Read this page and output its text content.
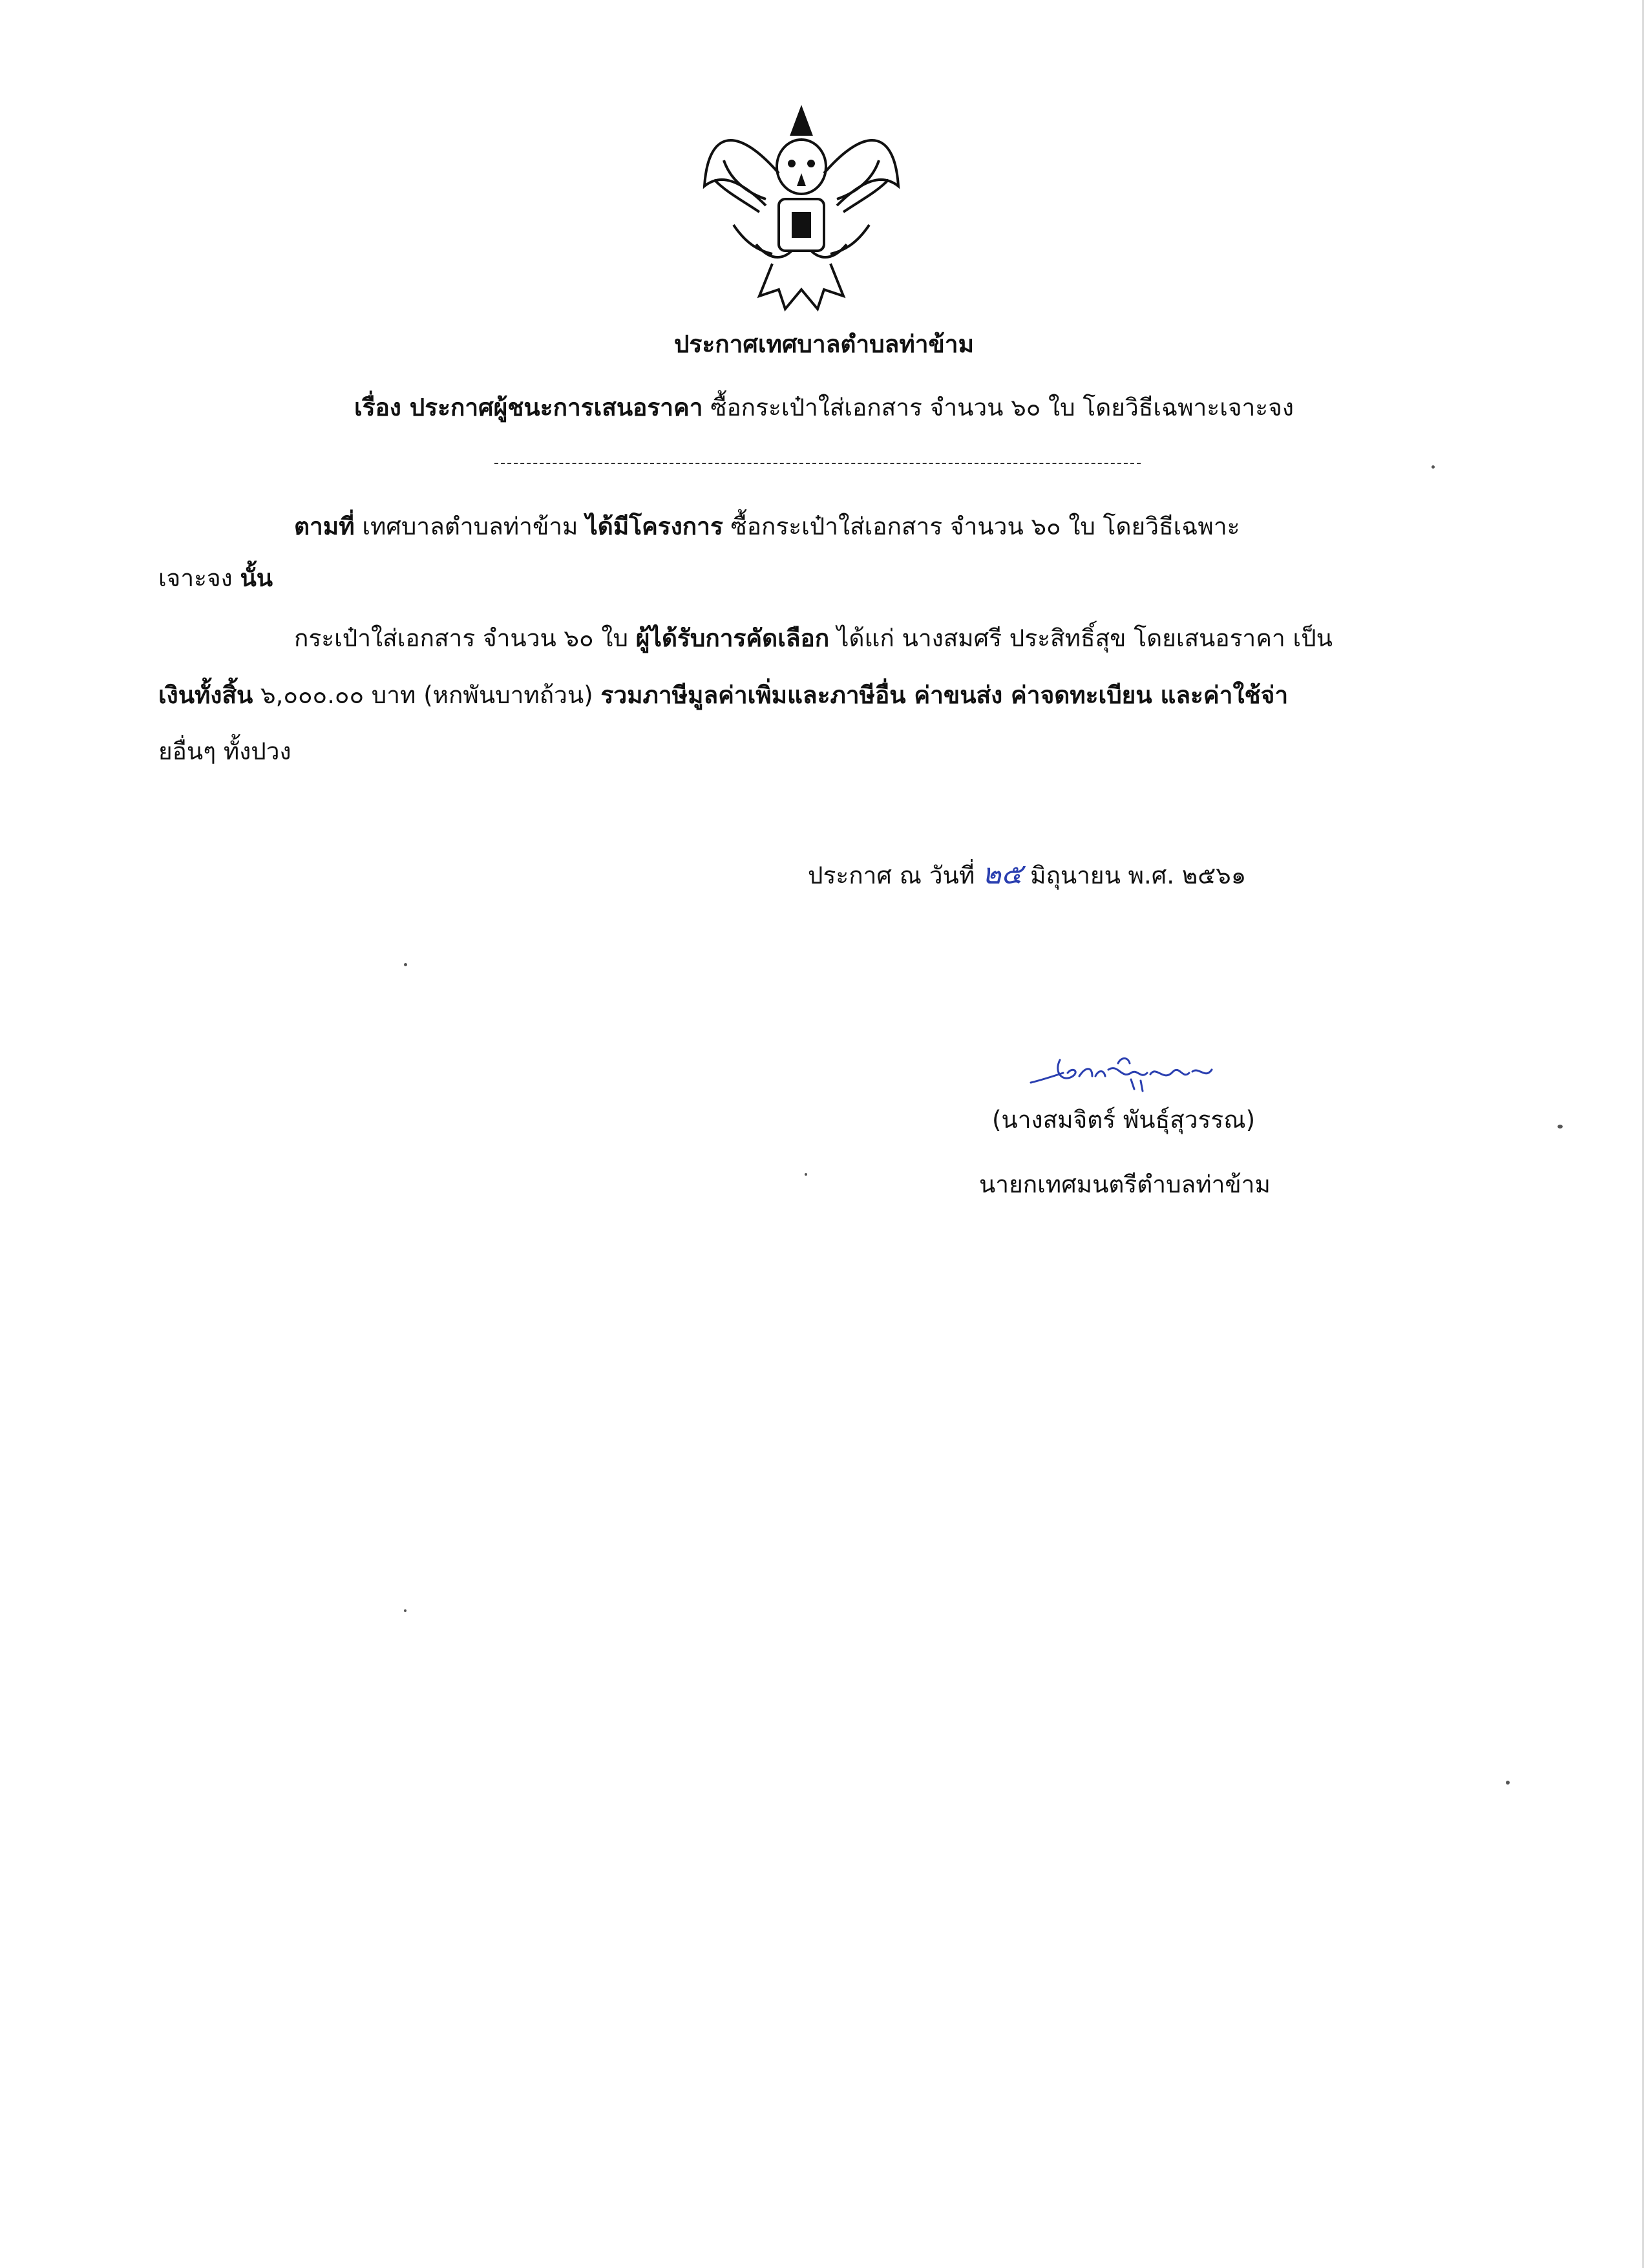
ประกาศเทศบาลตำบลท่าข้าม
เรื่อง ประกาศผู้ชนะการเสนอราคา ซื้อกระเป๋าใส่เอกสาร จำนวน ๖๐ ใบ โดยวิธีเฉพาะเจาะจง
ตามที่ เทศบาลตำบลท่าข้าม ได้มีโครงการ ซื้อกระเป๋าใส่เอกสาร จำนวน ๖๐ ใบ โดยวิธีเฉพาะ
เจาะจง นั้น
กระเป๋าใส่เอกสาร จำนวน ๖๐ ใบ ผู้ได้รับการคัดเลือก ได้แก่ นางสมศรี ประสิทธิ์สุข โดยเสนอราคา เป็น
เงินทั้งสิ้น ๖,๐๐๐.๐๐ บาท (หกพันบาทถ้วน) รวมภาษีมูลค่าเพิ่มและภาษีอื่น ค่าขนส่ง ค่าจดทะเบียน และค่าใช้จ่า
ยอื่นๆ ทั้งปวง
ประกาศ ณ วันที่ ๒๕ มิถุนายน พ.ศ. ๒๕๖๑
(นางสมจิตร์ พันธุ์สุวรรณ)
นายกเทศมนตรีตำบลท่าข้าม
